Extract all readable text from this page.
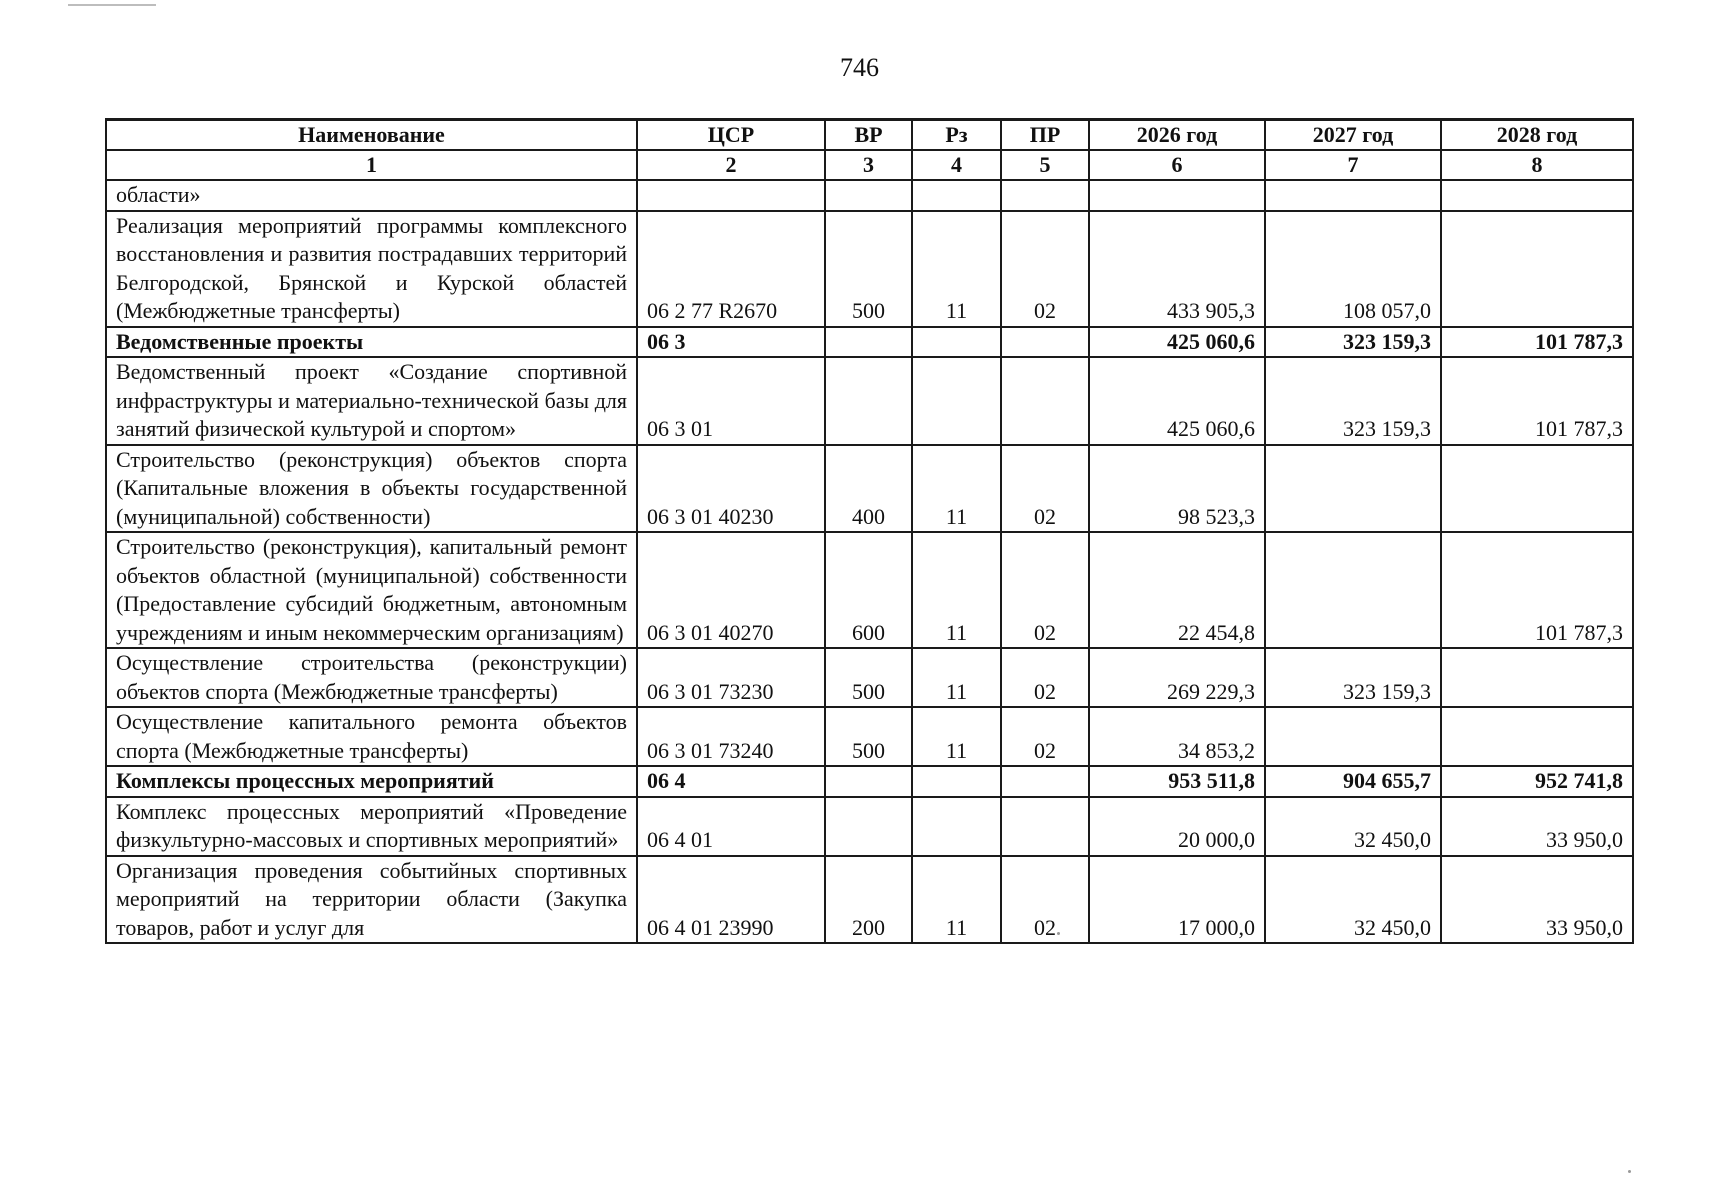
746
Наименование	ЦСР	ВР	Рз	ПР	2026 год	2027 год	2028 год
1	2	3	4	5	6	7	8
области»							
Реализация мероприятий программы комплексного восстановления и развития пострадавших территорий Белгородской, Брянской и Курской областей (Межбюджетные трансферты)	06 2 77 R2670	500	11	02	433 905,3	108 057,0	
Ведомственные проекты	06 3				425 060,6	323 159,3	101 787,3
Ведомственный проект «Создание спортивной инфраструктуры и материально-технической базы для занятий физической культурой и спортом»	06 3 01				425 060,6	323 159,3	101 787,3
Строительство (реконструкция) объектов спорта (Капитальные вложения в объекты государственной (муниципальной) собственности)	06 3 01 40230	400	11	02	98 523,3		
Строительство (реконструкция), капитальный ремонт объектов областной (муниципальной) собственности (Предоставление субсидий бюджетным, автономным учреждениям и иным некоммерческим организациям)	06 3 01 40270	600	11	02	22 454,8		101 787,3
Осуществление строительства (реконструкции) объектов спорта (Межбюджетные трансферты)	06 3 01 73230	500	11	02	269 229,3	323 159,3	
Осуществление капитального ремонта объектов спорта (Межбюджетные трансферты)	06 3 01 73240	500	11	02	34 853,2		
Комплексы процессных мероприятий	06 4				953 511,8	904 655,7	952 741,8
Комплекс процессных мероприятий «Проведение физкультурно-массовых и спортивных мероприятий»	06 4 01				20 000,0	32 450,0	33 950,0
Организация проведения событийных спортивных мероприятий на территории области (Закупка товаров, работ и услуг для	06 4 01 23990	200	11	02	17 000,0	32 450,0	33 950,0
